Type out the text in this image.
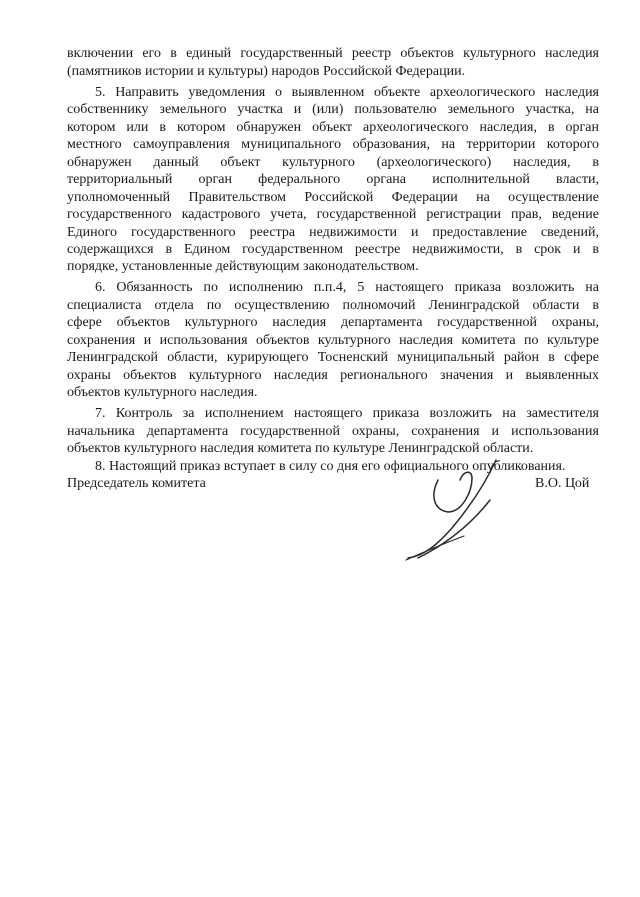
включении его в единый государственный реестр объектов культурного наследия
(памятников истории и культуры) народов Российской Федерации.
5. Направить уведомления о выявленном объекте археологического наследия
собственнику земельного участка и (или) пользователю земельного участка, на
котором или в котором обнаружен объект археологического наследия, в орган
местного самоуправления муниципального образования, на территории которого
обнаружен данный объект культурного (археологического) наследия, в
территориальный орган федерального органа исполнительной власти,
уполномоченный Правительством Российской Федерации на осуществление
государственного кадастрового учета, государственной регистрации прав, ведение
Единого государственного реестра недвижимости и предоставление сведений,
содержащихся в Едином государственном реестре недвижимости, в срок и в
порядке, установленные действующим законодательством.
6. Обязанность по исполнению п.п.4, 5 настоящего приказа возложить на
специалиста отдела по осуществлению полномочий Ленинградской области в
сфере объектов культурного наследия департамента государственной охраны,
сохранения и использования объектов культурного наследия комитета по культуре
Ленинградской области, курирующего Тосненский муниципальный район в сфере
охраны объектов культурного наследия регионального значения и выявленных
объектов культурного наследия.
7. Контроль за исполнением настоящего приказа возложить на заместителя
начальника департамента государственной охраны, сохранения и использования
объектов культурного наследия комитета по культуре Ленинградской области.
8. Настоящий приказ вступает в силу со дня его официального опубликования.
Председатель комитета	В.О. Цой
